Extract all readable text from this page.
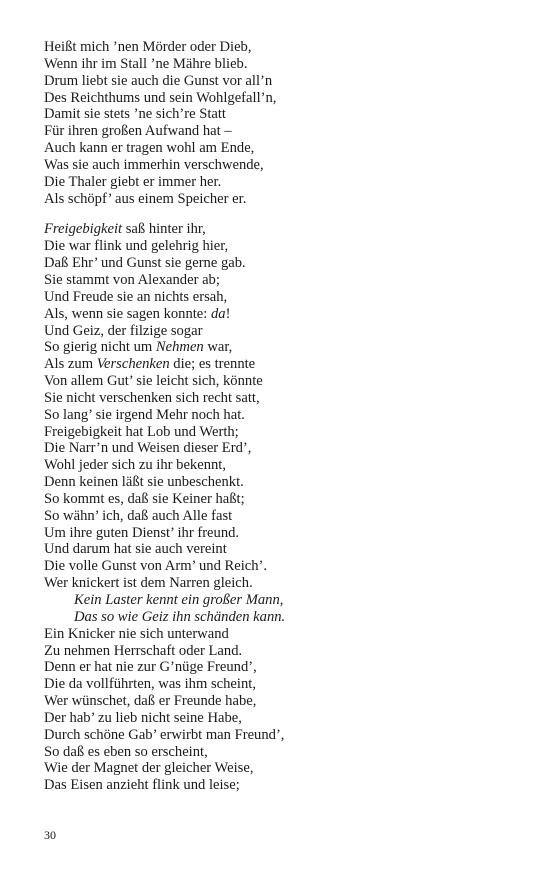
Heißt mich ’nen Mörder oder Dieb,
Wenn ihr im Stall ’ne Mähre blieb.
Drum liebt sie auch die Gunst vor all’n
Des Reichthums und sein Wohlgefall’n,
Damit sie stets ’ne sich’re Statt
Für ihren großen Aufwand hat –
Auch kann er tragen wohl am Ende,
Was sie auch immerhin verschwende,
Die Thaler giebt er immer her.
Als schöpf’ aus einem Speicher er.
Freigebigkeit saß hinter ihr,
Die war flink und gelehrig hier,
Daß Ehr’ und Gunst sie gerne gab.
Sie stammt von Alexander ab;
Und Freude sie an nichts ersah,
Als, wenn sie sagen konnte: da!
Und Geiz, der filzige sogar
So gierig nicht um Nehmen war,
Als zum Verschenken die; es trennte
Von allem Gut’ sie leicht sich, könnte
Sie nicht verschenken sich recht satt,
So lang’ sie irgend Mehr noch hat.
Freigebigkeit hat Lob und Werth;
Die Narr’n und Weisen dieser Erd’,
Wohl jeder sich zu ihr bekennt,
Denn keinen läßt sie unbeschenkt.
So kommt es, daß sie Keiner haßt;
So wähn’ ich, daß auch Alle fast
Um ihre guten Dienst’ ihr freund.
Und darum hat sie auch vereint
Die volle Gunst von Arm’ und Reich’.
Wer knickert ist dem Narren gleich.
Kein Laster kennt ein großer Mann,
Das so wie Geiz ihn schänden kann.
Ein Knicker nie sich unterwand
Zu nehmen Herrschaft oder Land.
Denn er hat nie zur G’nüge Freund’,
Die da vollführten, was ihm scheint,
Wer wünschet, daß er Freunde habe,
Der hab’ zu lieb nicht seine Habe,
Durch schöne Gab’ erwirbt man Freund’,
So daß es eben so erscheint,
Wie der Magnet der gleicher Weise,
Das Eisen anzieht flink und leise;
30
